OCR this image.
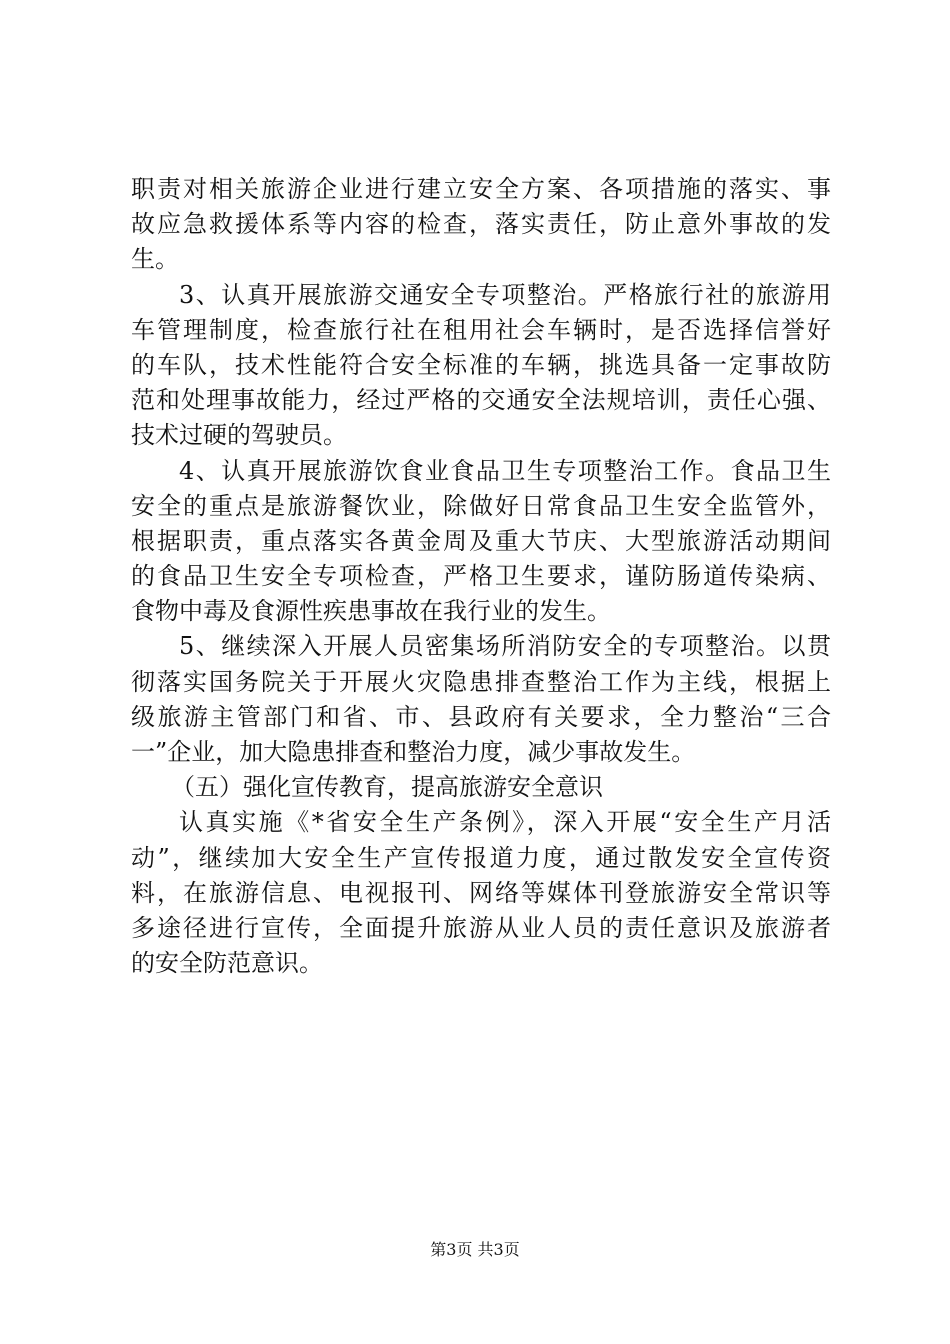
职责对相关旅游企业进行建立安全方案、各项措施的落实、事
故应急救援体系等内容的检查，落实责任，防止意外事故的发
生。
3、认真开展旅游交通安全专项整治。严格旅行社的旅游用
车管理制度，检查旅行社在租用社会车辆时，是否选择信誉好
的车队，技术性能符合安全标准的车辆，挑选具备一定事故防
范和处理事故能力，经过严格的交通安全法规培训，责任心强、
技术过硬的驾驶员。
4、认真开展旅游饮食业食品卫生专项整治工作。食品卫生
安全的重点是旅游餐饮业，除做好日常食品卫生安全监管外，
根据职责，重点落实各黄金周及重大节庆、大型旅游活动期间
的食品卫生安全专项检查，严格卫生要求，谨防肠道传染病、
食物中毒及食源性疾患事故在我行业的发生。
5、继续深入开展人员密集场所消防安全的专项整治。以贯
彻落实国务院关于开展火灾隐患排查整治工作为主线，根据上
级旅游主管部门和省、市、县政府有关要求，全力整治“三合
一”企业，加大隐患排查和整治力度，减少事故发生。
（五）强化宣传教育，提高旅游安全意识
认真实施《*省安全生产条例》，深入开展“安全生产月活
动”，继续加大安全生产宣传报道力度，通过散发安全宣传资
料，在旅游信息、电视报刊、网络等媒体刊登旅游安全常识等
多途径进行宣传，全面提升旅游从业人员的责任意识及旅游者
的安全防范意识。
第3页 共3页
